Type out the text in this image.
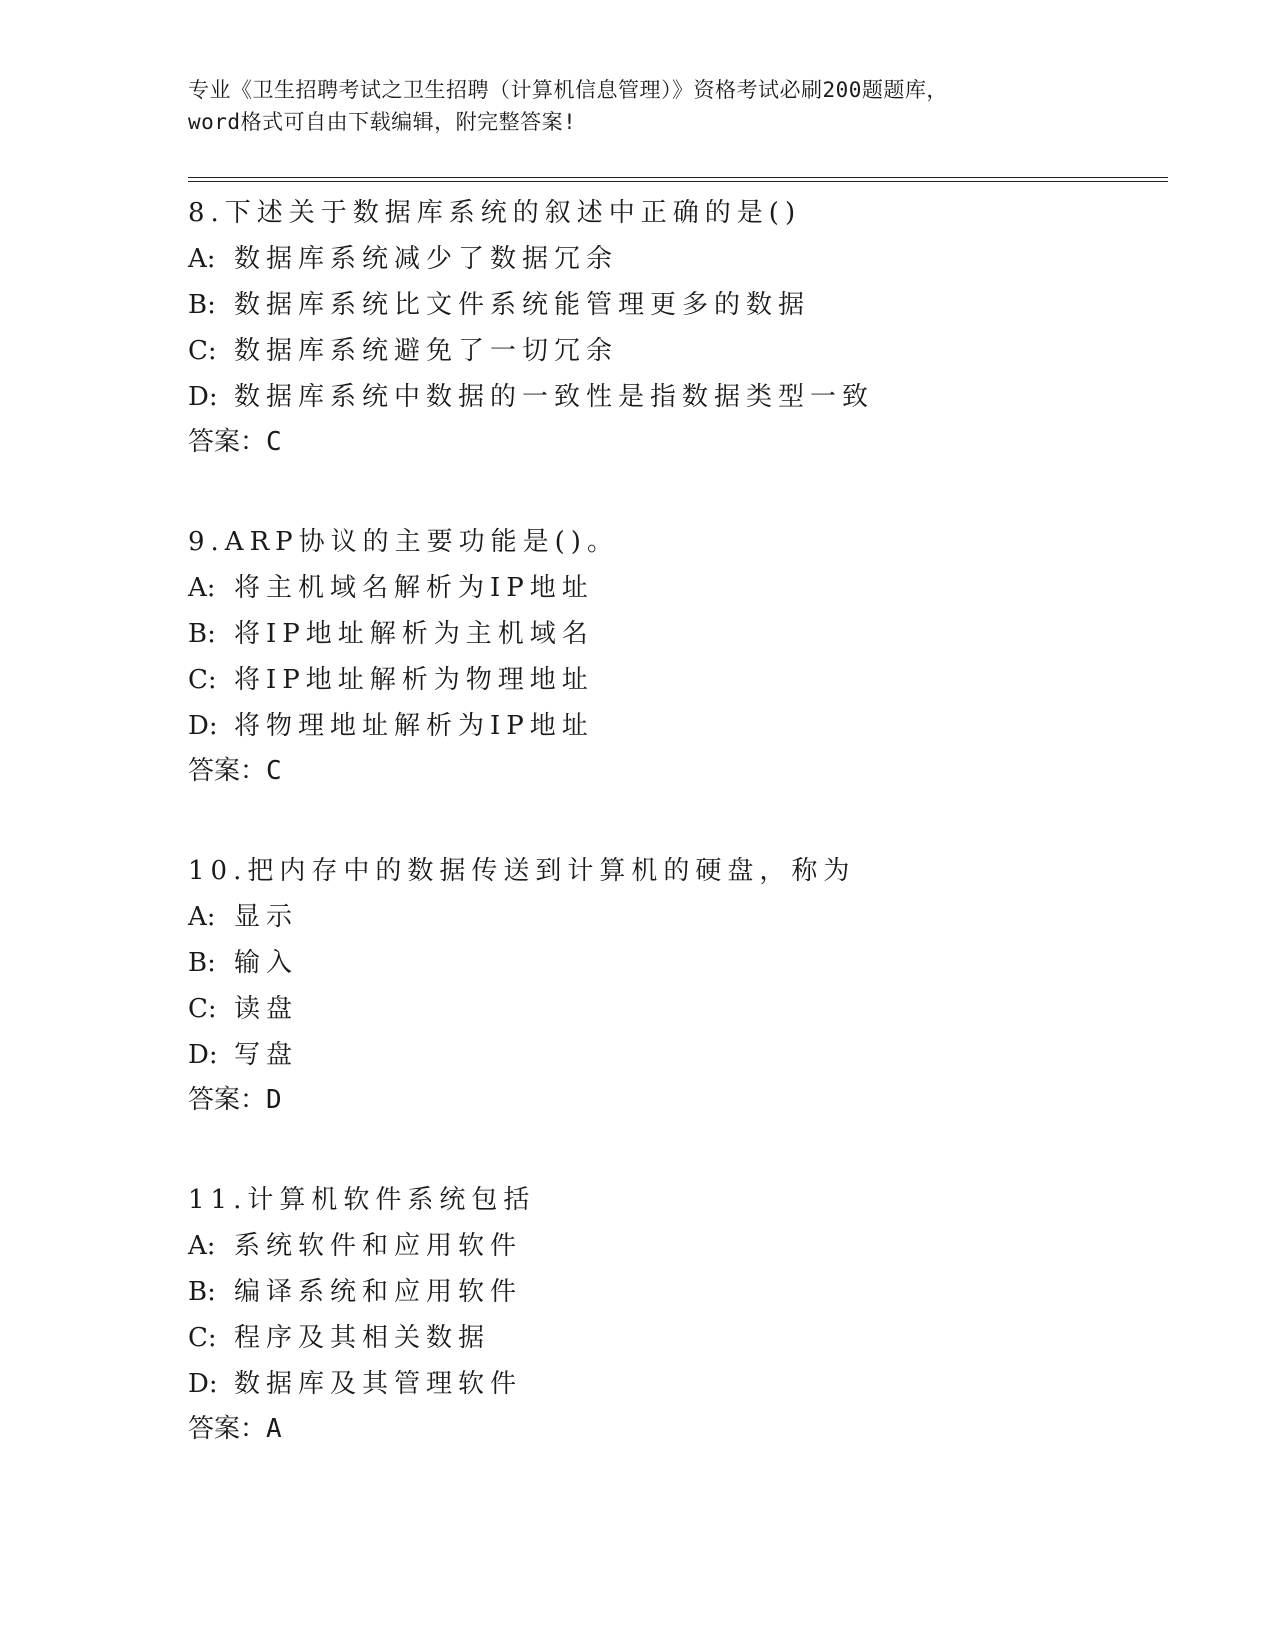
专业《卫生招聘考试之卫生招聘（计算机信息管理）》资格考试必刷200题题库，
word格式可自由下载编辑，附完整答案!
8.下述关于数据库系统的叙述中正确的是()
A: 数据库系统减少了数据冗余
B: 数据库系统比文件系统能管理更多的数据
C: 数据库系统避免了一切冗余
D: 数据库系统中数据的一致性是指数据类型一致
答案：C
9.ARP协议的主要功能是()。
A: 将主机域名解析为IP地址
B: 将IP地址解析为主机域名
C: 将IP地址解析为物理地址
D: 将物理地址解析为IP地址
答案：C
10.把内存中的数据传送到计算机的硬盘，称为
A: 显示
B: 输入
C: 读盘
D: 写盘
答案：D
11.计算机软件系统包括
A: 系统软件和应用软件
B: 编译系统和应用软件
C: 程序及其相关数据
D: 数据库及其管理软件
答案：A
